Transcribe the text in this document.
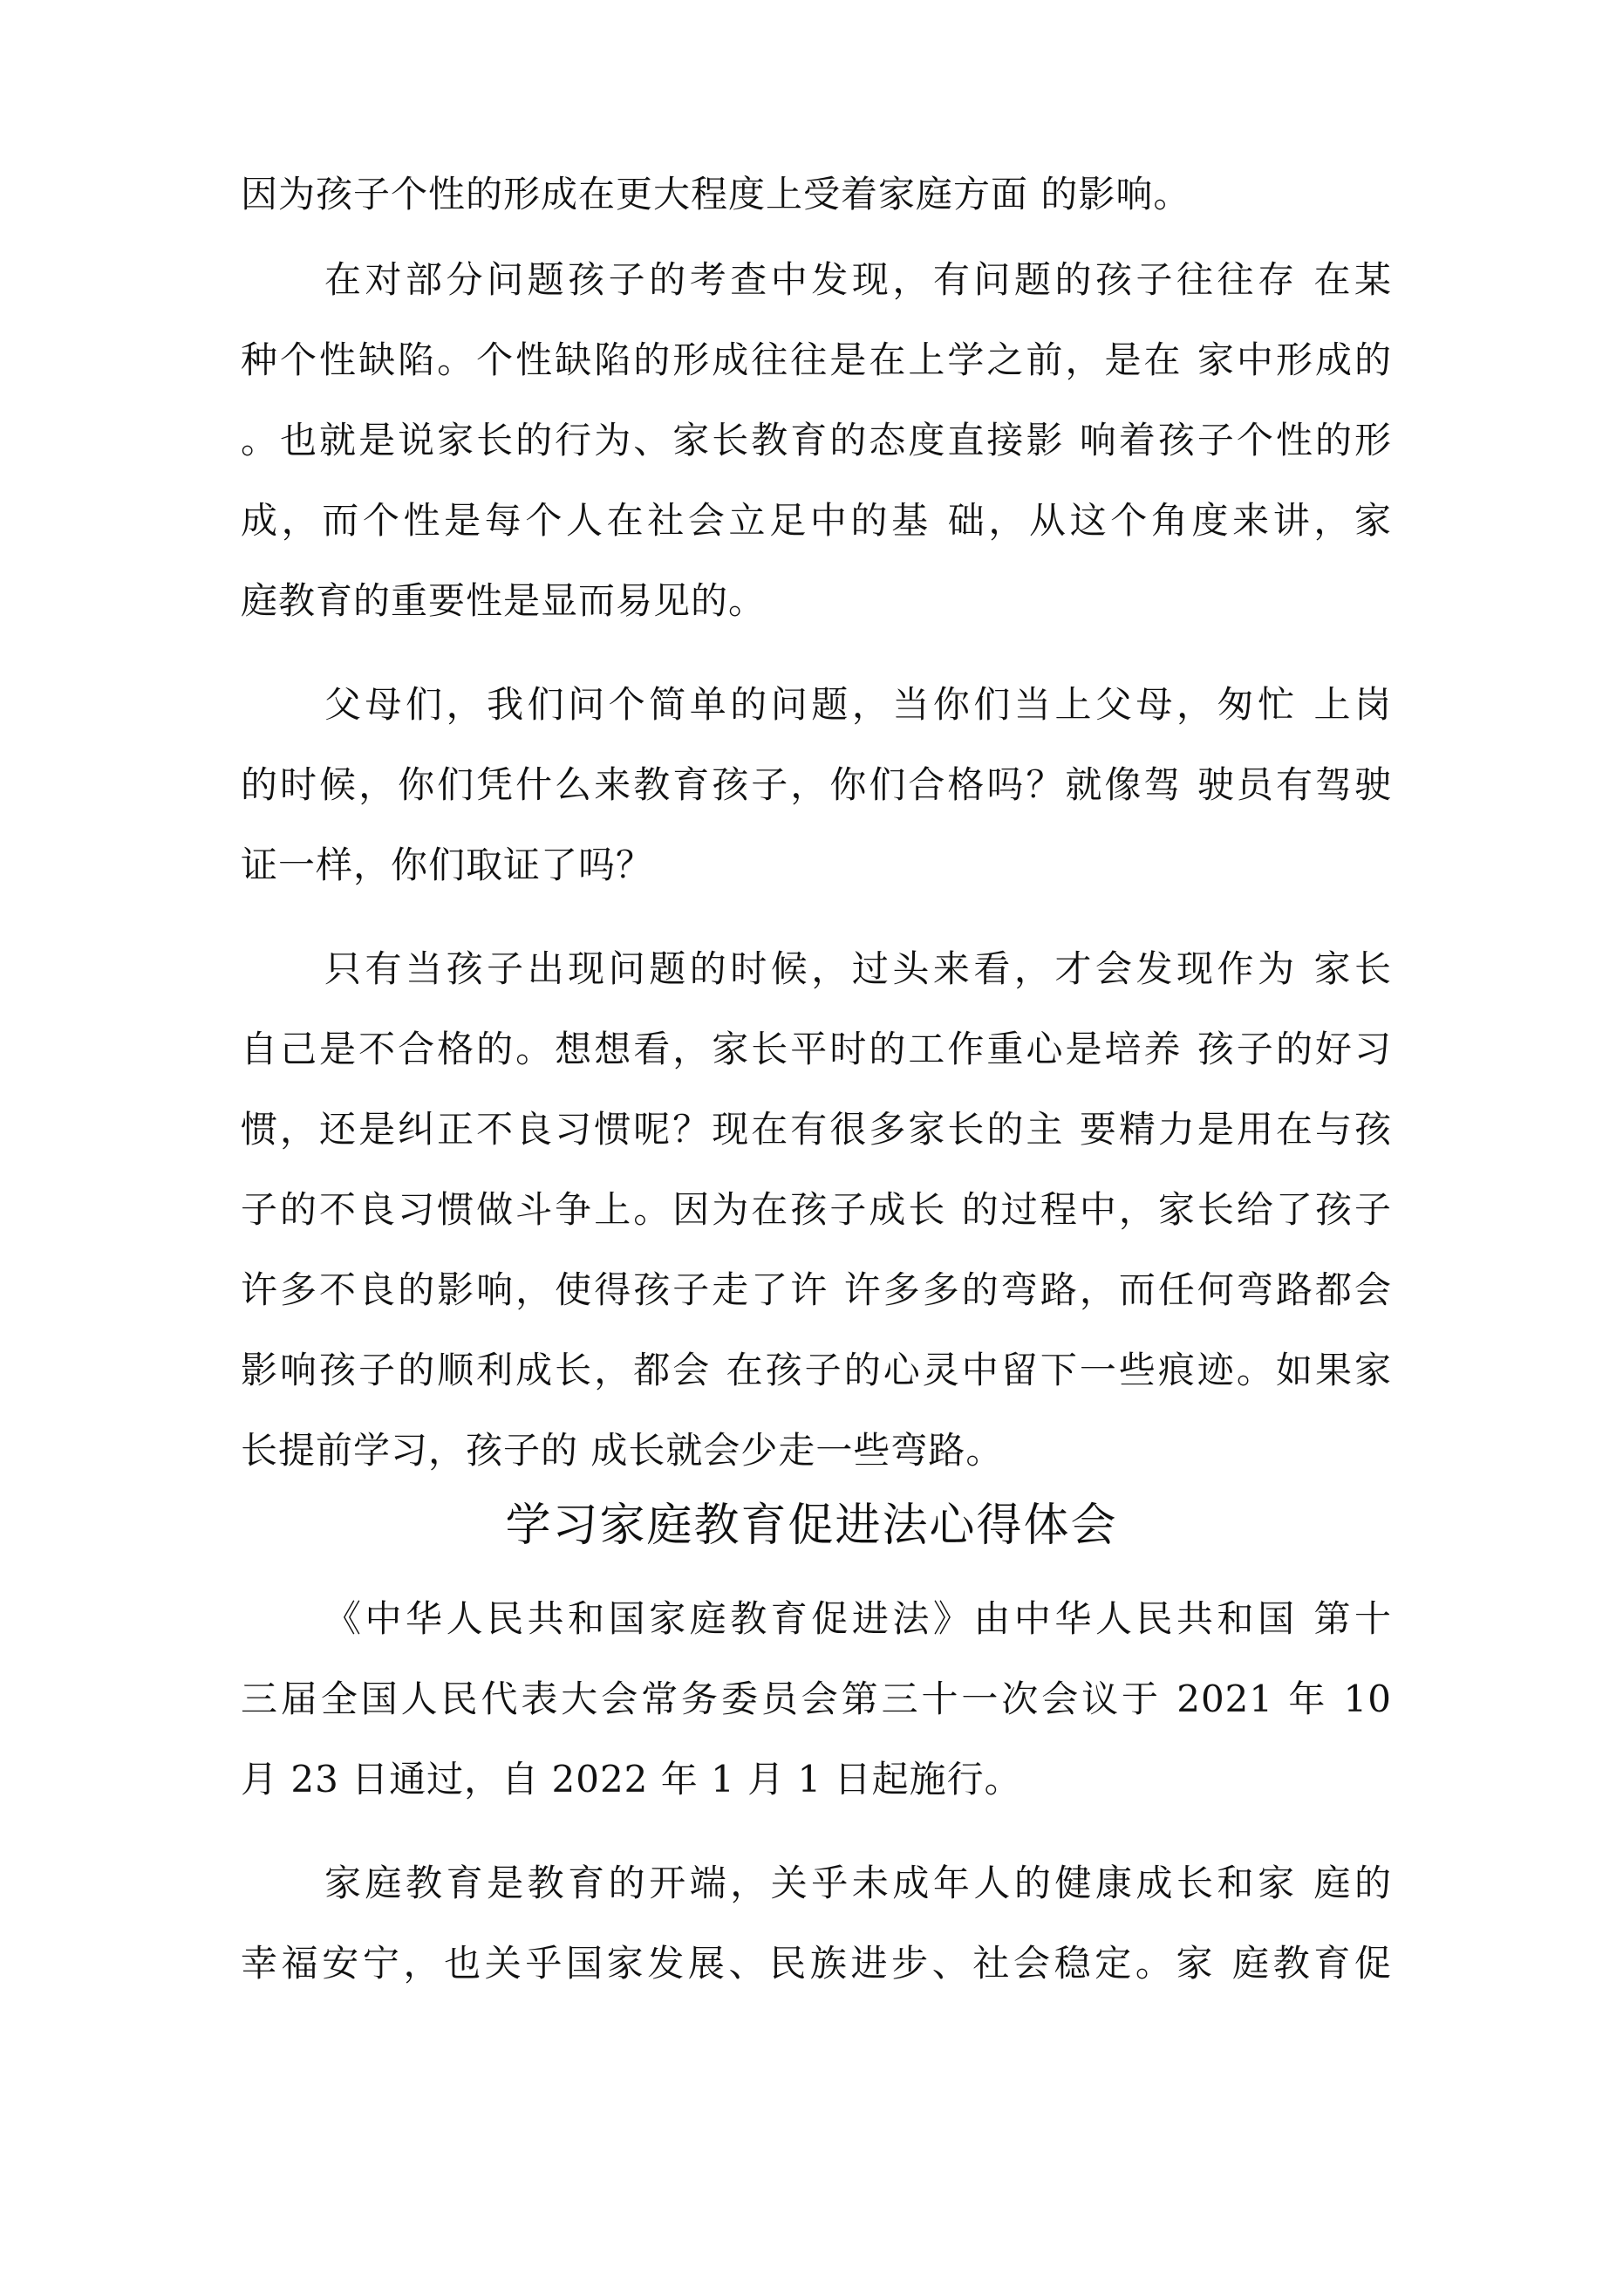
因为孩子个性的形成在更大程度上受着家庭方面 的影响。
在对部分问题孩子的考查中发现，有问题的孩子往往存 在某
种个性缺陷。个性缺陷的形成往往是在上学之前，是在 家中形成的
。也就是说家长的行为、家长教育的态度直接影 响着孩子个性的形
成，而个性是每个人在社会立足中的基 础，从这个角度来讲，家
庭教育的重要性是显而易见的。
父母们，我们问个简单的问题，当你们当上父母，匆忙 上岗
的时候，你们凭什么来教育孩子，你们合格吗？就像驾 驶员有驾驶
证一样，你们取证了吗？
只有当孩子出现问题的时候，过头来看，才会发现作为 家长
自己是不合格的。想想看，家长平时的工作重心是培养 孩子的好习
惯，还是纠正不良习惯呢？现在有很多家长的主 要精力是用在与孩
子的不良习惯做斗争上。因为在孩子成长 的过程中，家长给了孩子
许多不良的影响，使得孩子走了许 许多多的弯路，而任何弯路都会
影响孩子的顺利成长，都会 在孩子的心灵中留下一些痕迹。如果家
长提前学习，孩子的 成长就会少走一些弯路。
学习家庭教育促进法心得体会
《中华人民共和国家庭教育促进法》由中华人民共和国 第十
三届全国人民代表大会常务委员会第三十一次会议于 2021 年 10
月 23 日通过，自 2022 年 1 月 1 日起施行。
家庭教育是教育的开端，关乎未成年人的健康成长和家 庭的
幸福安宁，也关乎国家发展、民族进步、社会稳定。家 庭教育促
